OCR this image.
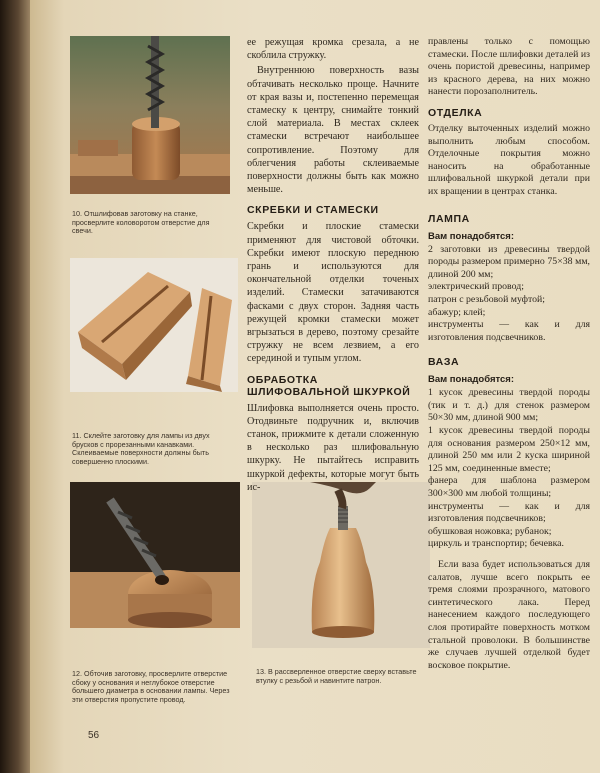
10. Отшлифовав заготовку на станке, просверлите коловоротом отверстие для свечи.
11. Склейте заготовку для лампы из двух брусков с прорезанными канавками. Склеиваемые поверхности должны быть совершенно плоскими.
12. Обточив заготовку, просверлите отверстие сбоку у основания и неглубокое отверстие большего диаметра в основании лампы. Через эти отверстия пропустите провод.
13. В рассверленное отверстие сверху вставьте втулку с резьбой и навинтите патрон.

ее режущая кромка срезала, а не скоблила стружку.

Внутреннюю поверхность вазы обтачивать несколько проще. Начните от края вазы и, постепенно перемещая стамеску к центру, снимайте тонкий слой материала. В местах склеек стамески встречают наибольшее сопротивление. Поэтому для облегчения работы склеиваемые поверхности должны быть как можно меньше.

СКРЕБКИ И СТАМЕСКИ

Скребки и плоские стамески применяют для чистовой обточки. Скребки имеют плоскую переднюю грань и используются для окончательной отделки точеных изделий. Стамески затачиваются фасками с двух сторон. Задняя часть режущей кромки стамески может вгрызаться в дерево, поэтому срезайте стружку не всем лезвием, а его серединой и тупым углом.

ОБРАБОТКА ШЛИФОВАЛЬНОЙ ШКУРКОЙ

Шлифовка выполняется очень просто. Отодвиньте подручник и, включив станок, прижмите к детали сложенную в несколько раз шлифовальную шкурку. Не пытайтесь исправить шкуркой дефекты, которые могут быть ис-

правлены только с помощью стамески. После шлифовки деталей из очень пористой древесины, например из красного дерева, на них можно нанести порозаполнитель.

ОТДЕЛКА

Отделку выточенных изделий можно выполнить любым способом. Отделочные покрытия можно наносить на обработанные шлифовальной шкуркой детали при их вращении в центрах станка.

ЛАМПА
Вам понадобятся:
2 заготовки из древесины твердой породы размером примерно 75×38 мм, длиной 200 мм;
электрический провод;
патрон с резьбовой муфтой;
абажур; клей;
инструменты — как и для изготовления подсвечников.
ВАЗА
Вам понадобятся:
1 кусок древесины твердой породы (тик и т. д.) для стенок размером 50×30 мм, длиной 900 мм;
1 кусок древесины твердой породы для основания размером 250×12 мм, длиной 250 мм или 2 куска шириной 125 мм, соединенные вместе;
фанера для шаблона размером 300×300 мм любой толщины;
инструменты — как и для изготовления подсвечников;
обушковая ножовка; рубанок;
циркуль и транспортир; бечевка.

Если ваза будет использоваться для салатов, лучше всего покрыть ее тремя слоями прозрачного, матового синтетического лака. Перед нанесением каждого последующего слоя протирайте поверхность мотком стальной проволоки. В большинстве же случаев лучшей отделкой будет восковое покрытие.

56
